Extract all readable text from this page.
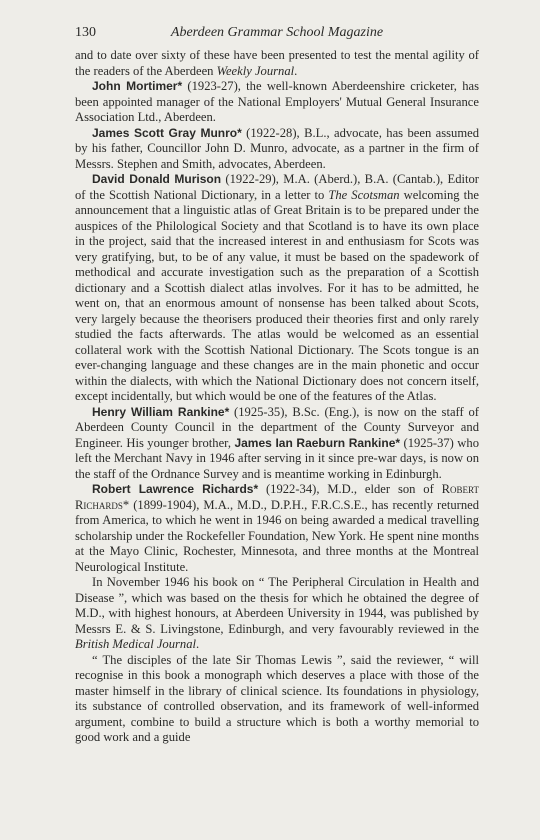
130	Aberdeen Grammar School Magazine

and to date over sixty of these have been presented to test the mental agility of the readers of the Aberdeen Weekly Journal.

John Mortimer* (1923-27), the well-known Aberdeenshire cricketer, has been appointed manager of the National Employers' Mutual General Insurance Association Ltd., Aberdeen.

James Scott Gray Munro* (1922-28), B.L., advocate, has been assumed by his father, Councillor John D. Munro, advocate, as a partner in the firm of Messrs. Stephen and Smith, advocates, Aberdeen.

David Donald Murison (1922-29), M.A. (Aberd.), B.A. (Cantab.), Editor of the Scottish National Dictionary, in a letter to The Scotsman welcoming the announcement that a linguistic atlas of Great Britain is to be prepared under the auspices of the Philological Society and that Scotland is to have its own place in the project, said that the increased interest in and enthusiasm for Scots was very gratifying, but, to be of any value, it must be based on the spadework of methodical and accurate investigation such as the preparation of a Scottish dictionary and a Scottish dialect atlas involves. For it has to be admitted, he went on, that an enormous amount of nonsense has been talked about Scots, very largely because the theorisers produced their theories first and only rarely studied the facts afterwards. The atlas would be welcomed as an essential collateral work with the Scottish National Dictionary. The Scots tongue is an ever-changing language and these changes are in the main phonetic and occur within the dialects, with which the National Dictionary does not concern itself, except incidentally, but which would be one of the features of the Atlas.

Henry William Rankine* (1925-35), B.Sc. (Eng.), is now on the staff of Aberdeen County Council in the department of the County Surveyor and Engineer. His younger brother, James Ian Raeburn Rankine* (1925-37) who left the Merchant Navy in 1946 after serving in it since pre-war days, is now on the staff of the Ordnance Survey and is meantime working in Edinburgh.

Robert Lawrence Richards* (1922-34), M.D., elder son of Robert Richards* (1899-1904), M.A., M.D., D.P.H., F.R.C.S.E., has recently returned from America, to which he went in 1946 on being awarded a medical travelling scholarship under the Rockefeller Foundation, New York. He spent nine months at the Mayo Clinic, Rochester, Minnesota, and three months at the Montreal Neurological Institute.

In November 1946 his book on “ The Peripheral Circulation in Health and Disease ”, which was based on the thesis for which he obtained the degree of M.D., with highest honours, at Aberdeen University in 1944, was published by Messrs E. & S. Livingstone, Edinburgh, and very favourably reviewed in the British Medical Journal.

“ The disciples of the late Sir Thomas Lewis ”, said the reviewer, “ will recognise in this book a monograph which deserves a place with those of the master himself in the library of clinical science. Its foundations in physiology, its substance of controlled observation, and its framework of well-informed argument, combine to build a structure which is both a worthy memorial to good work and a guide
